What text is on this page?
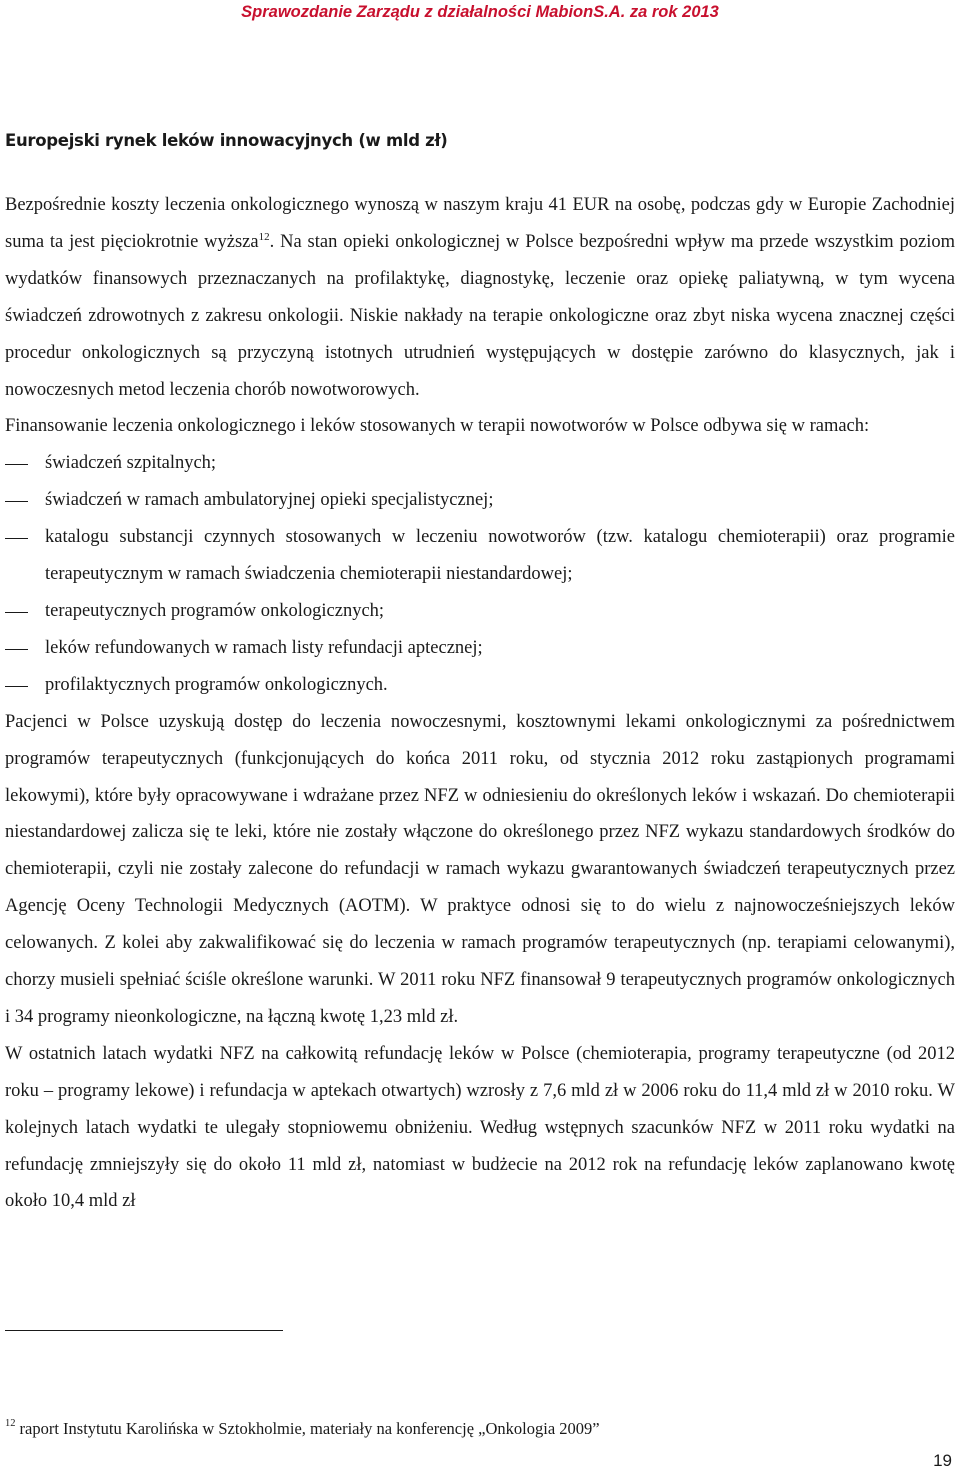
Sprawozdanie Zarządu z działalności MabionS.A. za rok 2013
Europejski rynek leków innowacyjnych (w mld zł)

Bezpośrednie koszty leczenia onkologicznego wynoszą w naszym kraju 41 EUR na osobę, podczas gdy w Europie Zachodniej suma ta jest pięciokrotnie wyższa$^{12}$. Na stan opieki onkologicznej w Polsce bezpośredni wpływ ma przede wszystkim poziom wydatków finansowych przeznaczanych na profilaktykę, diagnostykę, leczenie oraz opiekę paliatywną, w tym wycena świadczeń zdrowotnych z zakresu onkologii. Niskie nakłady na terapie onkologiczne oraz zbyt niska wycena znacznej części procedur onkologicznych są przyczyną istotnych utrudnień występujących w dostępie zarówno do klasycznych, jak i nowoczesnych metod leczenia chorób nowotworowych.

Finansowanie leczenia onkologicznego i leków stosowanych w terapii nowotworów w Polsce odbywa się w ramach:

świadczeń szpitalnych;
świadczeń w ramach ambulatoryjnej opieki specjalistycznej;
katalogu substancji czynnych stosowanych w leczeniu nowotworów (tzw. katalogu chemioterapii) oraz programie terapeutycznym w ramach świadczenia chemioterapii niestandardowej;
terapeutycznych programów onkologicznych;
leków refundowanych w ramach listy refundacji aptecznej;
profilaktycznych programów onkologicznych.

Pacjenci w Polsce uzyskują dostęp do leczenia nowoczesnymi, kosztownymi lekami onkologicznymi za pośrednictwem programów terapeutycznych (funkcjonujących do końca 2011 roku, od stycznia 2012 roku zastąpionych programami lekowymi), które były opracowywane i wdrażane przez NFZ w odniesieniu do określonych leków i wskazań. Do chemioterapii niestandardowej zalicza się te leki, które nie zostały włączone do określonego przez NFZ wykazu standardowych środków do chemioterapii, czyli nie zostały zalecone do refundacji w ramach wykazu gwarantowanych świadczeń terapeutycznych przez Agencję Oceny Technologii Medycznych (AOTM). W praktyce odnosi się to do wielu z najnowocześniejszych leków celowanych. Z kolei aby zakwalifikować się do leczenia w ramach programów terapeutycznych (np. terapiami celowanymi), chorzy musieli spełniać ściśle określone warunki. W 2011 roku NFZ finansował 9 terapeutycznych programów onkologicznych i 34 programy nieonkologiczne, na łączną kwotę 1,23 mld zł.

W ostatnich latach wydatki NFZ na całkowitą refundację leków w Polsce (chemioterapia, programy terapeutyczne (od 2012 roku – programy lekowe) i refundacja w aptekach otwartych) wzrosły z 7,6 mld zł w 2006 roku do 11,4 mld zł w 2010 roku. W kolejnych latach wydatki te ulegały stopniowemu obniżeniu. Według wstępnych szacunków NFZ w 2011 roku wydatki na refundację zmniejszyły się do około 11 mld zł, natomiast w budżecie na 2012 rok na refundację leków zaplanowano kwotę około 10,4 mld zł

$^{12}$ raport Instytutu Karolińska w Sztokholmie, materiały na konferencję „Onkologia 2009”
19
